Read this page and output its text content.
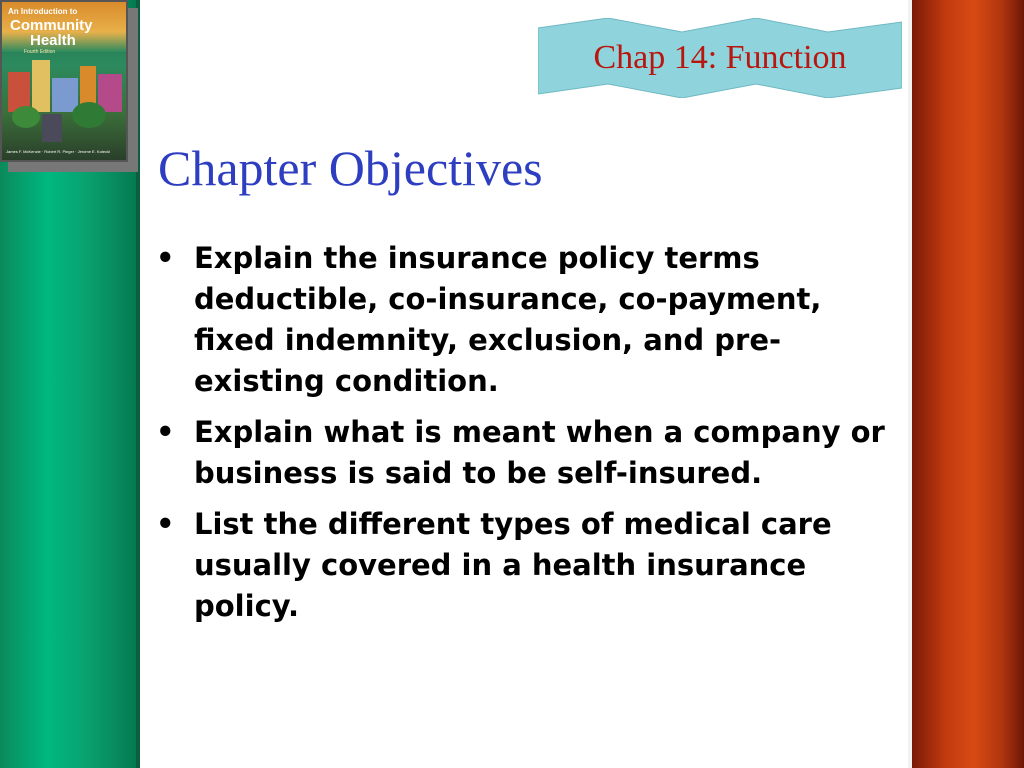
An Introduction to
Community
Health
Fourth Edition
James F. McKenzie · Robert R. Pinger · Jerome E. Kotecki
Chap 14: Function
Chapter Objectives
• Explain the insurance policy terms deductible, co-insurance, co-payment, fixed indemnity, exclusion, and pre-existing condition.
• Explain what is meant when a company or business is said to be self-insured.
• List the different types of medical care usually covered in a health insurance policy.
